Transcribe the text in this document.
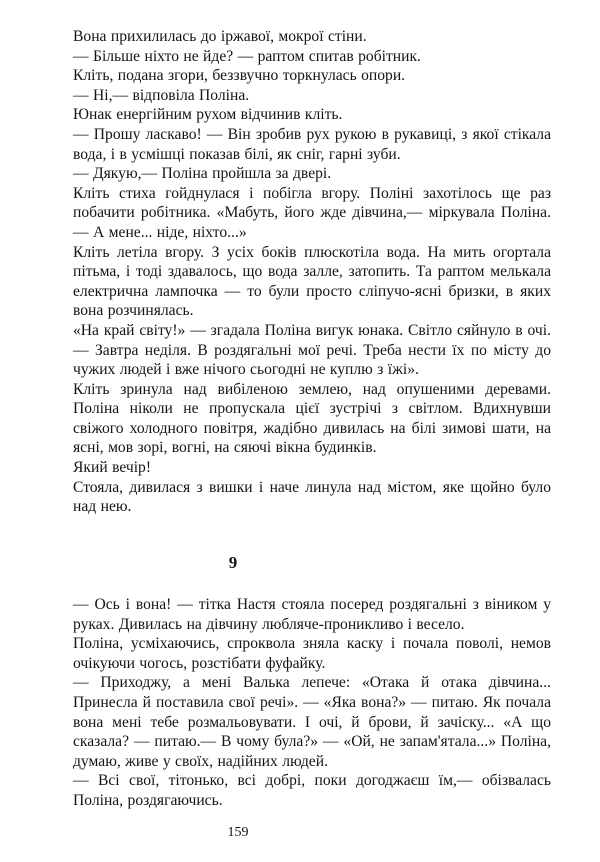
Вона прихилилась до іржавої, мокрої стіни.

— Більше ніхто не йде? — раптом спитав робітник.

Кліть, подана згори, беззвучно торкнулась опори.

— Ні,— відповіла Поліна.

Юнак енергійним рухом відчинив кліть.

— Прошу ласкаво! — Він зробив рух рукою в рукавиці, з якої стікала вода, і в усмішці показав білі, як сніг, гарні зуби.

— Дякую,— Поліна пройшла за двері.

Кліть стиха гойднулася і побігла вгору. Поліні захотілось ще раз побачити робітника. «Мабуть, його жде дівчина,— міркувала Поліна.— А мене... ніде, ніхто...»

Кліть летіла вгору. З усіх боків плюскотіла вода. На мить огортала пітьма, і тоді здавалось, що вода залле, затопить. Та раптом мелькала електрична лампочка — то були просто сліпучо-ясні бризки, в яких вона розчинялась.

«На край світу!» — згадала Поліна вигук юнака. Світло сяйнуло в очі.— Завтра неділя. В роздягальні мої речі. Треба нести їх по місту до чужих людей і вже нічого сьогодні не куплю з їжі».

Кліть зринула над вибіленою землею, над опушеними деревами. Поліна ніколи не пропускала цієї зустрічі з світлом. Вдихнувши свіжого холодного повітря, жадібно дивилась на білі зимові шати, на ясні, мов зорі, вогні, на сяючі вікна будинків.

Який вечір!

Стояла, дивилася з вишки і наче линула над містом, яке щойно було над нею.

9

— Ось і вона! — тітка Настя стояла посеред роздягальні з віником у руках. Дивилась на дівчину любляче-проникливо і весело.

Поліна, усміхаючись, спроквола зняла каску і почала поволі, немов очікуючи чогось, розстібати фуфайку.

— Приходжу, а мені Валька лепече: «Отака й отака дівчина... Принесла й поставила свої речі». — «Яка вона?» — питаю. Як почала вона мені тебе розмальовувати. І очі, й брови, й зачіску... «А що сказала? — питаю.— В чому була?» — «Ой, не запам'ятала...» Поліна, думаю, живе у своїх, надійних людей.

— Всі свої, тітонько, всі добрі, поки догоджаєш їм,— обізвалась Поліна, роздягаючись.

159
